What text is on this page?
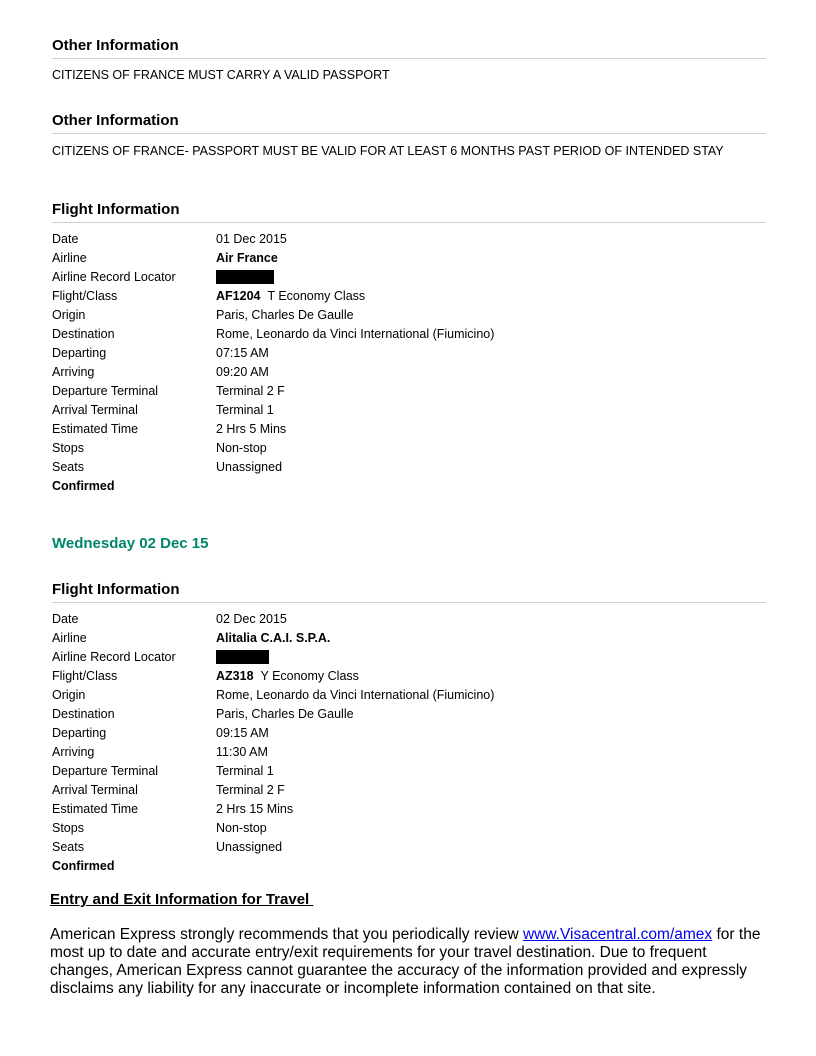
Other Information

CITIZENS OF FRANCE MUST CARRY A VALID PASSPORT

Other Information

CITIZENS OF FRANCE- PASSPORT MUST BE VALID FOR AT LEAST 6 MONTHS PAST PERIOD OF INTENDED STAY

Flight Information
Date	01 Dec 2015
Airline	Air France
Airline Record Locator
Flight/Class	AF1204 T Economy Class
Origin	Paris, Charles De Gaulle
Destination	Rome, Leonardo da Vinci International (Fiumicino)
Departing	07:15 AM
Arriving	09:20 AM
Departure Terminal	Terminal 2 F
Arrival Terminal	Terminal 1
Estimated Time	2 Hrs 5 Mins
Stops	Non-stop
Seats	Unassigned
Confirmed
Wednesday 02 Dec 15
Flight Information
Date	02 Dec 2015
Airline	Alitalia C.A.I. S.P.A.
Airline Record Locator
Flight/Class	AZ318 Y Economy Class
Origin	Rome, Leonardo da Vinci International (Fiumicino)
Destination	Paris, Charles De Gaulle
Departing	09:15 AM
Arriving	11:30 AM
Departure Terminal	Terminal 1
Arrival Terminal	Terminal 2 F
Estimated Time	2 Hrs 15 Mins
Stops	Non-stop
Seats	Unassigned
Confirmed
Entry and Exit Information for Travel

American Express strongly recommends that you periodically review www.Visacentral.com/amex for the most up to date and accurate entry/exit requirements for your travel destination. Due to frequent changes, American Express cannot guarantee the accuracy of the information provided and expressly disclaims any liability for any inaccurate or incomplete information contained on that site.
